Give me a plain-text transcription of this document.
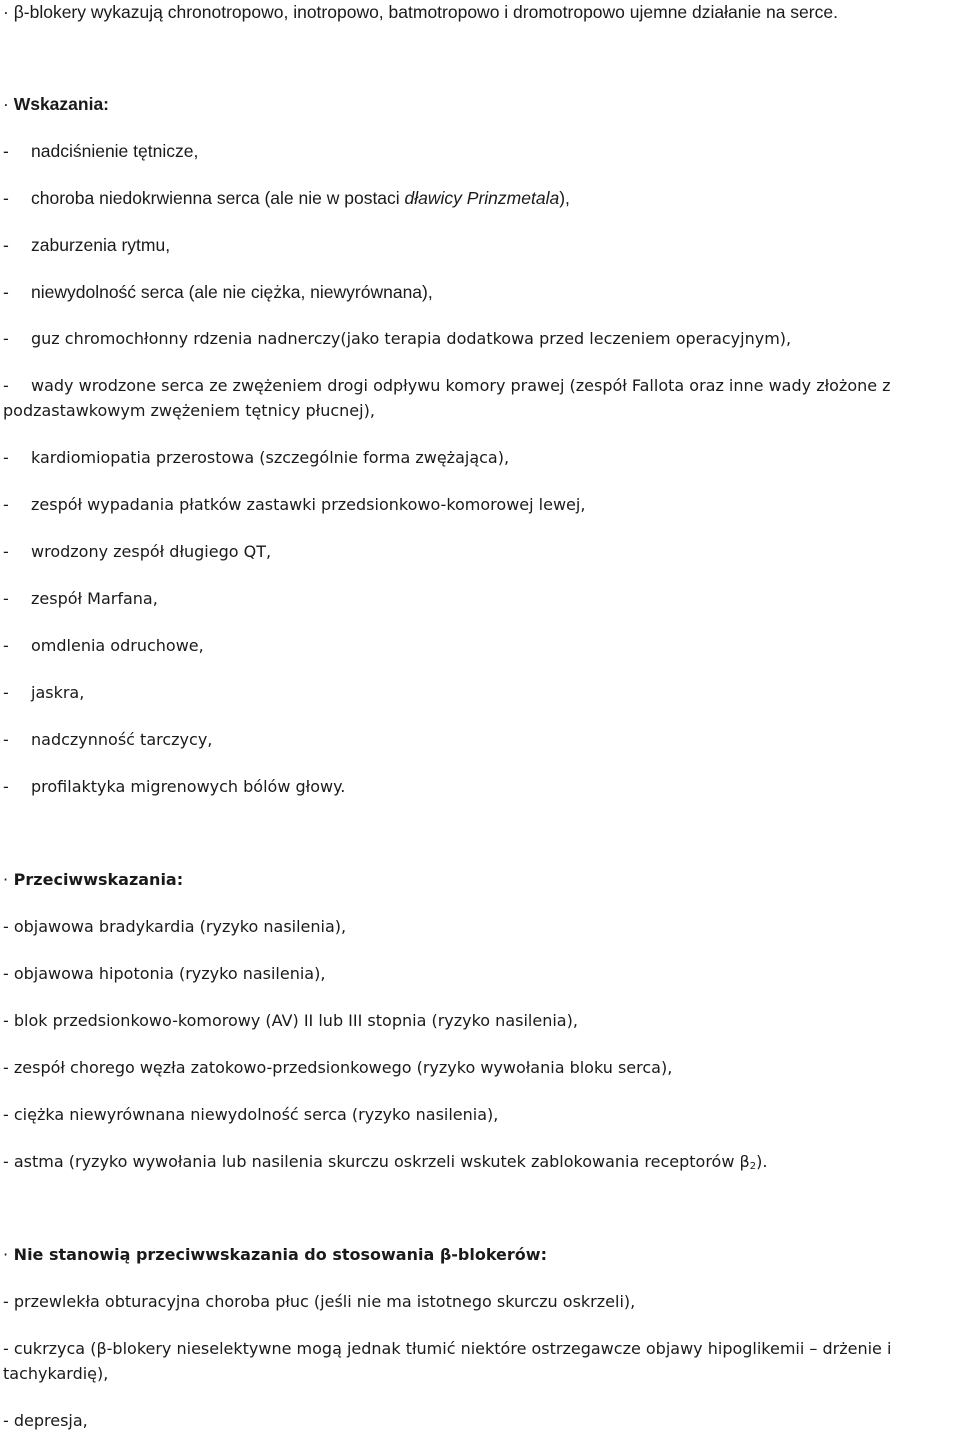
· β-blokery wykazują chronotropowo, inotropowo, batmotropowo i dromotropowo ujemne działanie na serce.
· Wskazania:
- nadciśnienie tętnicze,
- choroba niedokrwienna serca (ale nie w postaci dławicy Prinzmetala),
- zaburzenia rytmu,
- niewydolność serca (ale nie ciężka, niewyrównana),
- guz chromochłonny rdzenia nadnerczy(jako terapia dodatkowa przed leczeniem operacyjnym),
- wady wrodzone serca ze zwężeniem drogi odpływu komory prawej (zespół Fallota oraz inne wady złożone z
podzastawkowym zwężeniem tętnicy płucnej),
- kardiomiopatia przerostowa (szczególnie forma zwężająca),
- zespół wypadania płatków zastawki przedsionkowo-komorowej lewej,
- wrodzony zespół długiego QT,
- zespół Marfana,
- omdlenia odruchowe,
- jaskra,
- nadczynność tarczycy,
- profilaktyka migrenowych bólów głowy.
· Przeciwwskazania:
- objawowa bradykardia (ryzyko nasilenia),
- objawowa hipotonia (ryzyko nasilenia),
- blok przedsionkowo-komorowy (AV) II lub III stopnia (ryzyko nasilenia),
- zespół chorego węzła zatokowo-przedsionkowego (ryzyko wywołania bloku serca),
- ciężka niewyrównana niewydolność serca (ryzyko nasilenia),
- astma (ryzyko wywołania lub nasilenia skurczu oskrzeli wskutek zablokowania receptorów $\beta_2$).
· Nie stanowią przeciwwskazania do stosowania β-blokerów:
- przewlekła obturacyjna choroba płuc (jeśli nie ma istotnego skurczu oskrzeli),
- cukrzyca (β-blokery nieselektywne mogą jednak tłumić niektóre ostrzegawcze objawy hipoglikemii – drżenie i
tachykardię),
- depresja,
